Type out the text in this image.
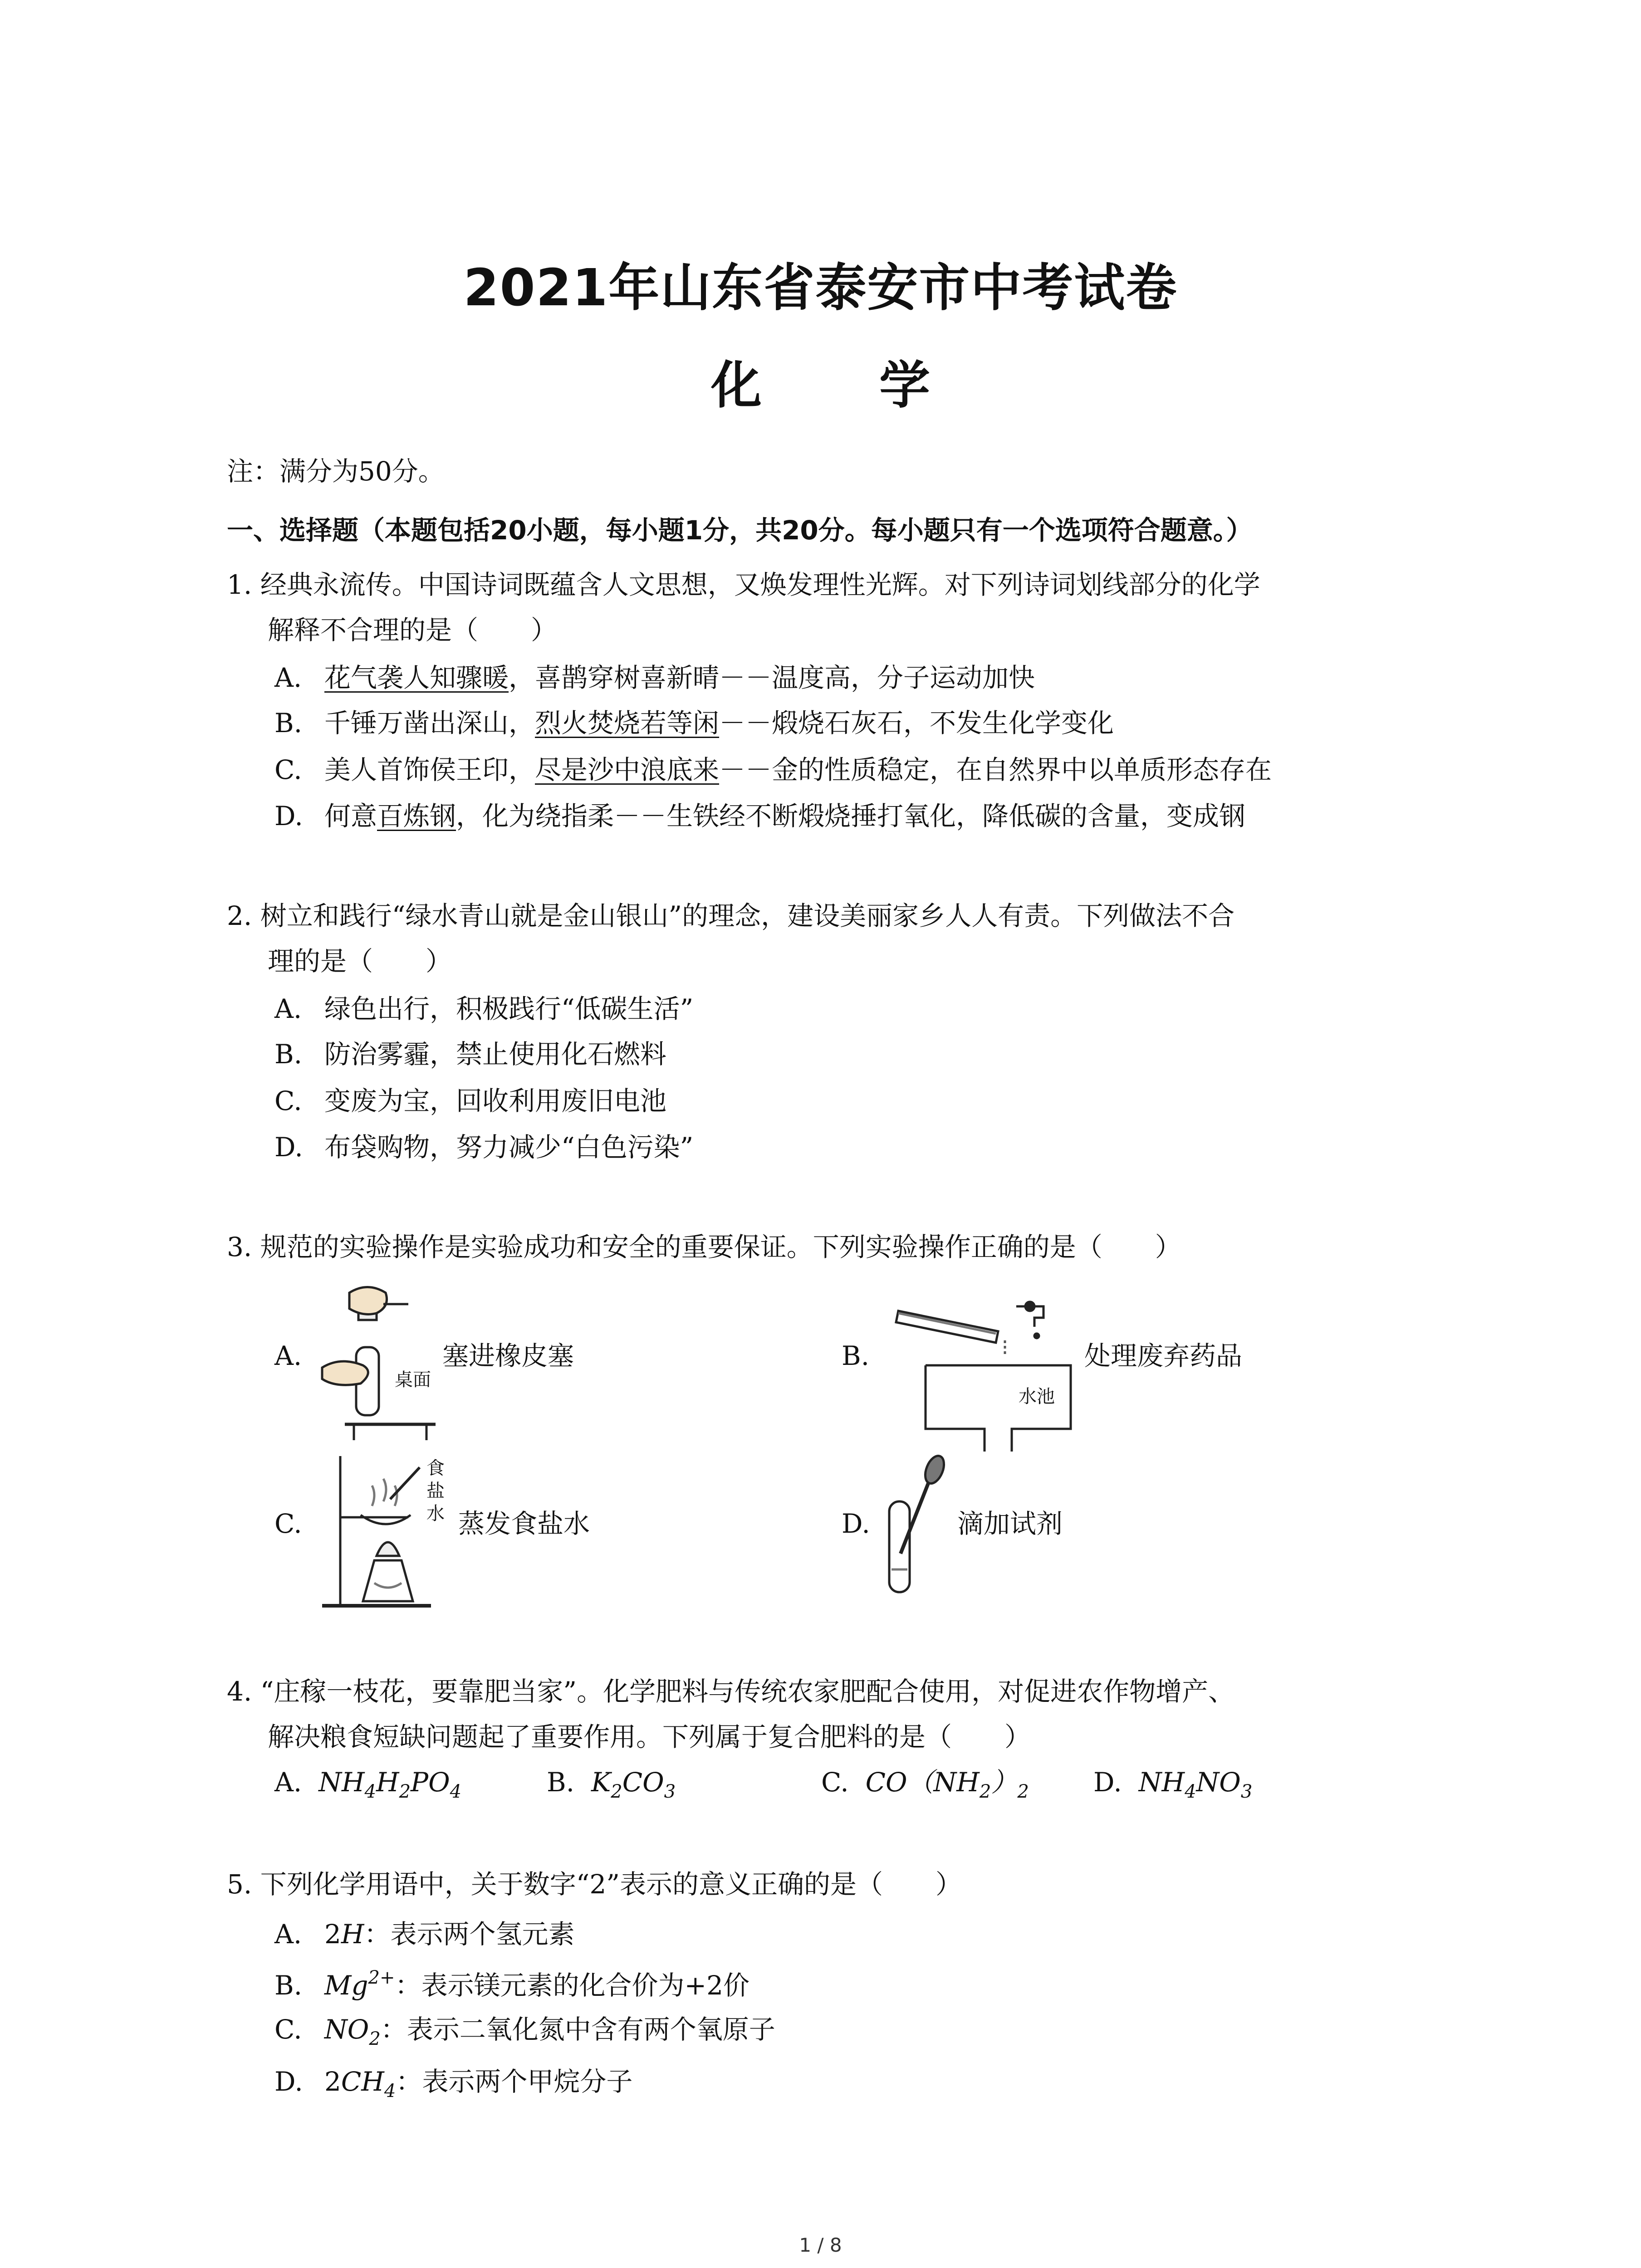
2021年山东省泰安市中考试卷
化 学
注：满分为50分。
一、选择题（本题包括20小题，每小题1分，共20分。每小题只有一个选项符合题意。）
1. 经典永流传。中国诗词既蕴含人文思想，又焕发理性光辉。对下列诗词划线部分的化学
解释不合理的是（　　）
A. 花气袭人知骤暖，喜鹊穿树喜新晴－－温度高，分子运动加快
B. 千锤万凿出深山，烈火焚烧若等闲－－煅烧石灰石，不发生化学变化
C. 美人首饰侯王印，尽是沙中浪底来－－金的性质稳定，在自然界中以单质形态存在
D. 何意百炼钢，化为绕指柔－－生铁经不断煅烧捶打氧化，降低碳的含量，变成钢
2. 树立和践行“绿水青山就是金山银山”的理念，建设美丽家乡人人有责。下列做法不合
理的是（　　）
A. 绿色出行，积极践行“低碳生活”
B. 防治雾霾，禁止使用化石燃料
C. 变废为宝，回收利用废旧电池
D. 布袋购物，努力减少“白色污染”
3. 规范的实验操作是实验成功和安全的重要保证。下列实验操作正确的是（　　）
A.
桌面
塞进橡皮塞	B.
水池
处理废弃药品
C.
食
盐
水 蒸发食盐水	D.	滴加试剂
4. “庄稼一枝花，要靠肥当家”。化学肥料与传统农家肥配合使用，对促进农作物增产、
解决粮食短缺问题起了重要作用。下列属于复合肥料的是（　　）
A. $NH_4H_2PO_4$	B. $K_2CO_3$	C. $CO(NH_2)_2$ D. $NH_4NO_3$
5. 下列化学用语中，关于数字“2”表示的意义正确的是（　　）
A. 2H：表示两个氢元素
B. $Mg^{2+}$：表示镁元素的化合价为+2价
C. $NO_2$：表示二氧化氮中含有两个氧原子
D. $2CH_4$：表示两个甲烷分子
1 / 8
